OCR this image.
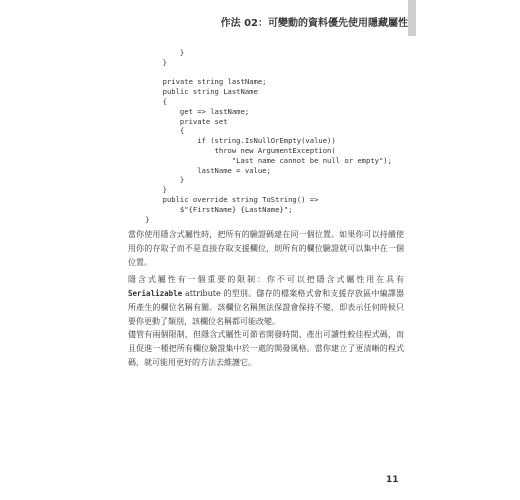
作法 02：可變動的資料優先使用隱藏屬性
}
}

private string lastName;
public string LastName
{
get => lastName;
private set
{
if (string.IsNullOrEmpty(value))
throw new ArgumentException(
"Last name cannot be null or empty");
lastName = value;
}
}
public override string ToString() =>
$"{FirstName} {LastName}";
}

當你使用隱含式屬性時，把所有的驗證碼建在同一個位置。如果你可以持續使用你的存取子而不是直接存取支援欄位，則所有的欄位驗證就可以集中在一個位置。

隱含式屬性有一個重要的限制：你不可以把隱含式屬性用在具有 Serializable attribute 的型別。儲存的檔案格式會和支援存放區中編譯器所產生的欄位名稱有關。該欄位名稱無法保證會保持不變，即表示任何時候只要你更動了類別，該欄位名稱都可能改變。

儘管有兩個限制，但隱含式屬性可節省開發時間、產出可讀性較佳程式碼，而且促進一種把所有欄位驗證集中於一處的開發風格。當你建立了更清晰的程式碼，就可能用更好的方法去維護它。

11
